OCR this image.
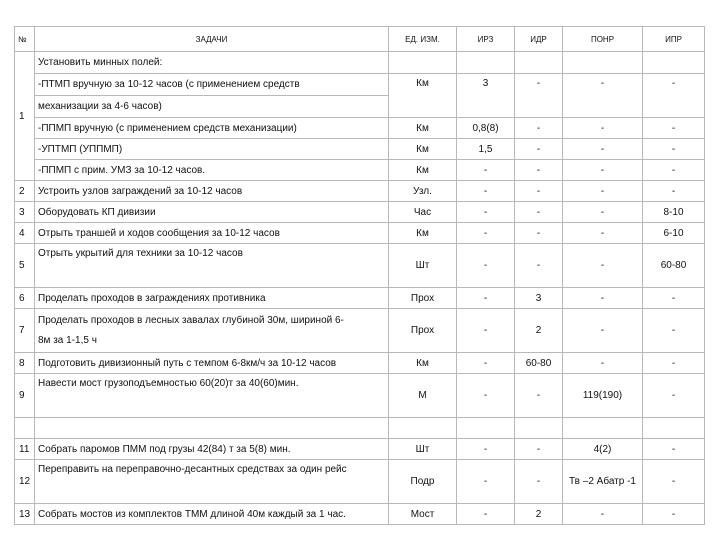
№	ЗАДАЧИ	ЕД. ИЗМ.	ИРЗ	ИДР	ПОНР	ИПР
1	Установить минных полей:					
	-ПТМП вручную за 10-12 часов (с применением средств	Км	3	-	-	-
	механизации за 4-6 часов)					
	-ППМП вручную (с применением средств механизации)	Км	0,8(8)	-	-	-
	-УПТМП (УППМП)	Км	1,5	-	-	-
	-ППМП с прим. УМЗ за 10-12 часов.	Км	-	-	-	-
2	Устроить узлов заграждений за 10-12 часов	Узл.	-	-	-	-
3	Оборудовать КП дивизии	Час	-	-	-	8-10
4	Отрыть траншей и ходов сообщения за 10-12 часов	Км	-	-	-	6-10
5	Отрыть укрытий для техники за 10-12 часов	Шт	-	-	-	60-80
6	Проделать проходов в заграждениях противника	Прох	-	3	-	-
7	Проделать проходов в лесных завалах глубиной 30м, шириной 6-
8м за 1-1,5 ч	Прох	-	2	-	-
8	Подготовить дивизионный путь с темпом 6-8км/ч за 10-12 часов	Км	-	60-80	-	-
9	Навести мост грузоподъемностью 60(20)т за 40(60)мин.	М	-	-	119(190)	-

11	Собрать паромов ПММ под грузы 42(84) т за 5(8) мин.	Шт	-	-	4(2)	-
12	Переправить на переправочно-десантных средствах за один рейс	Подр	-	-	Тв –2 Абатр -1	-
13	Собрать мостов из комплектов ТММ длиной 40м каждый за 1 час.	Мост	-	2	-	-
